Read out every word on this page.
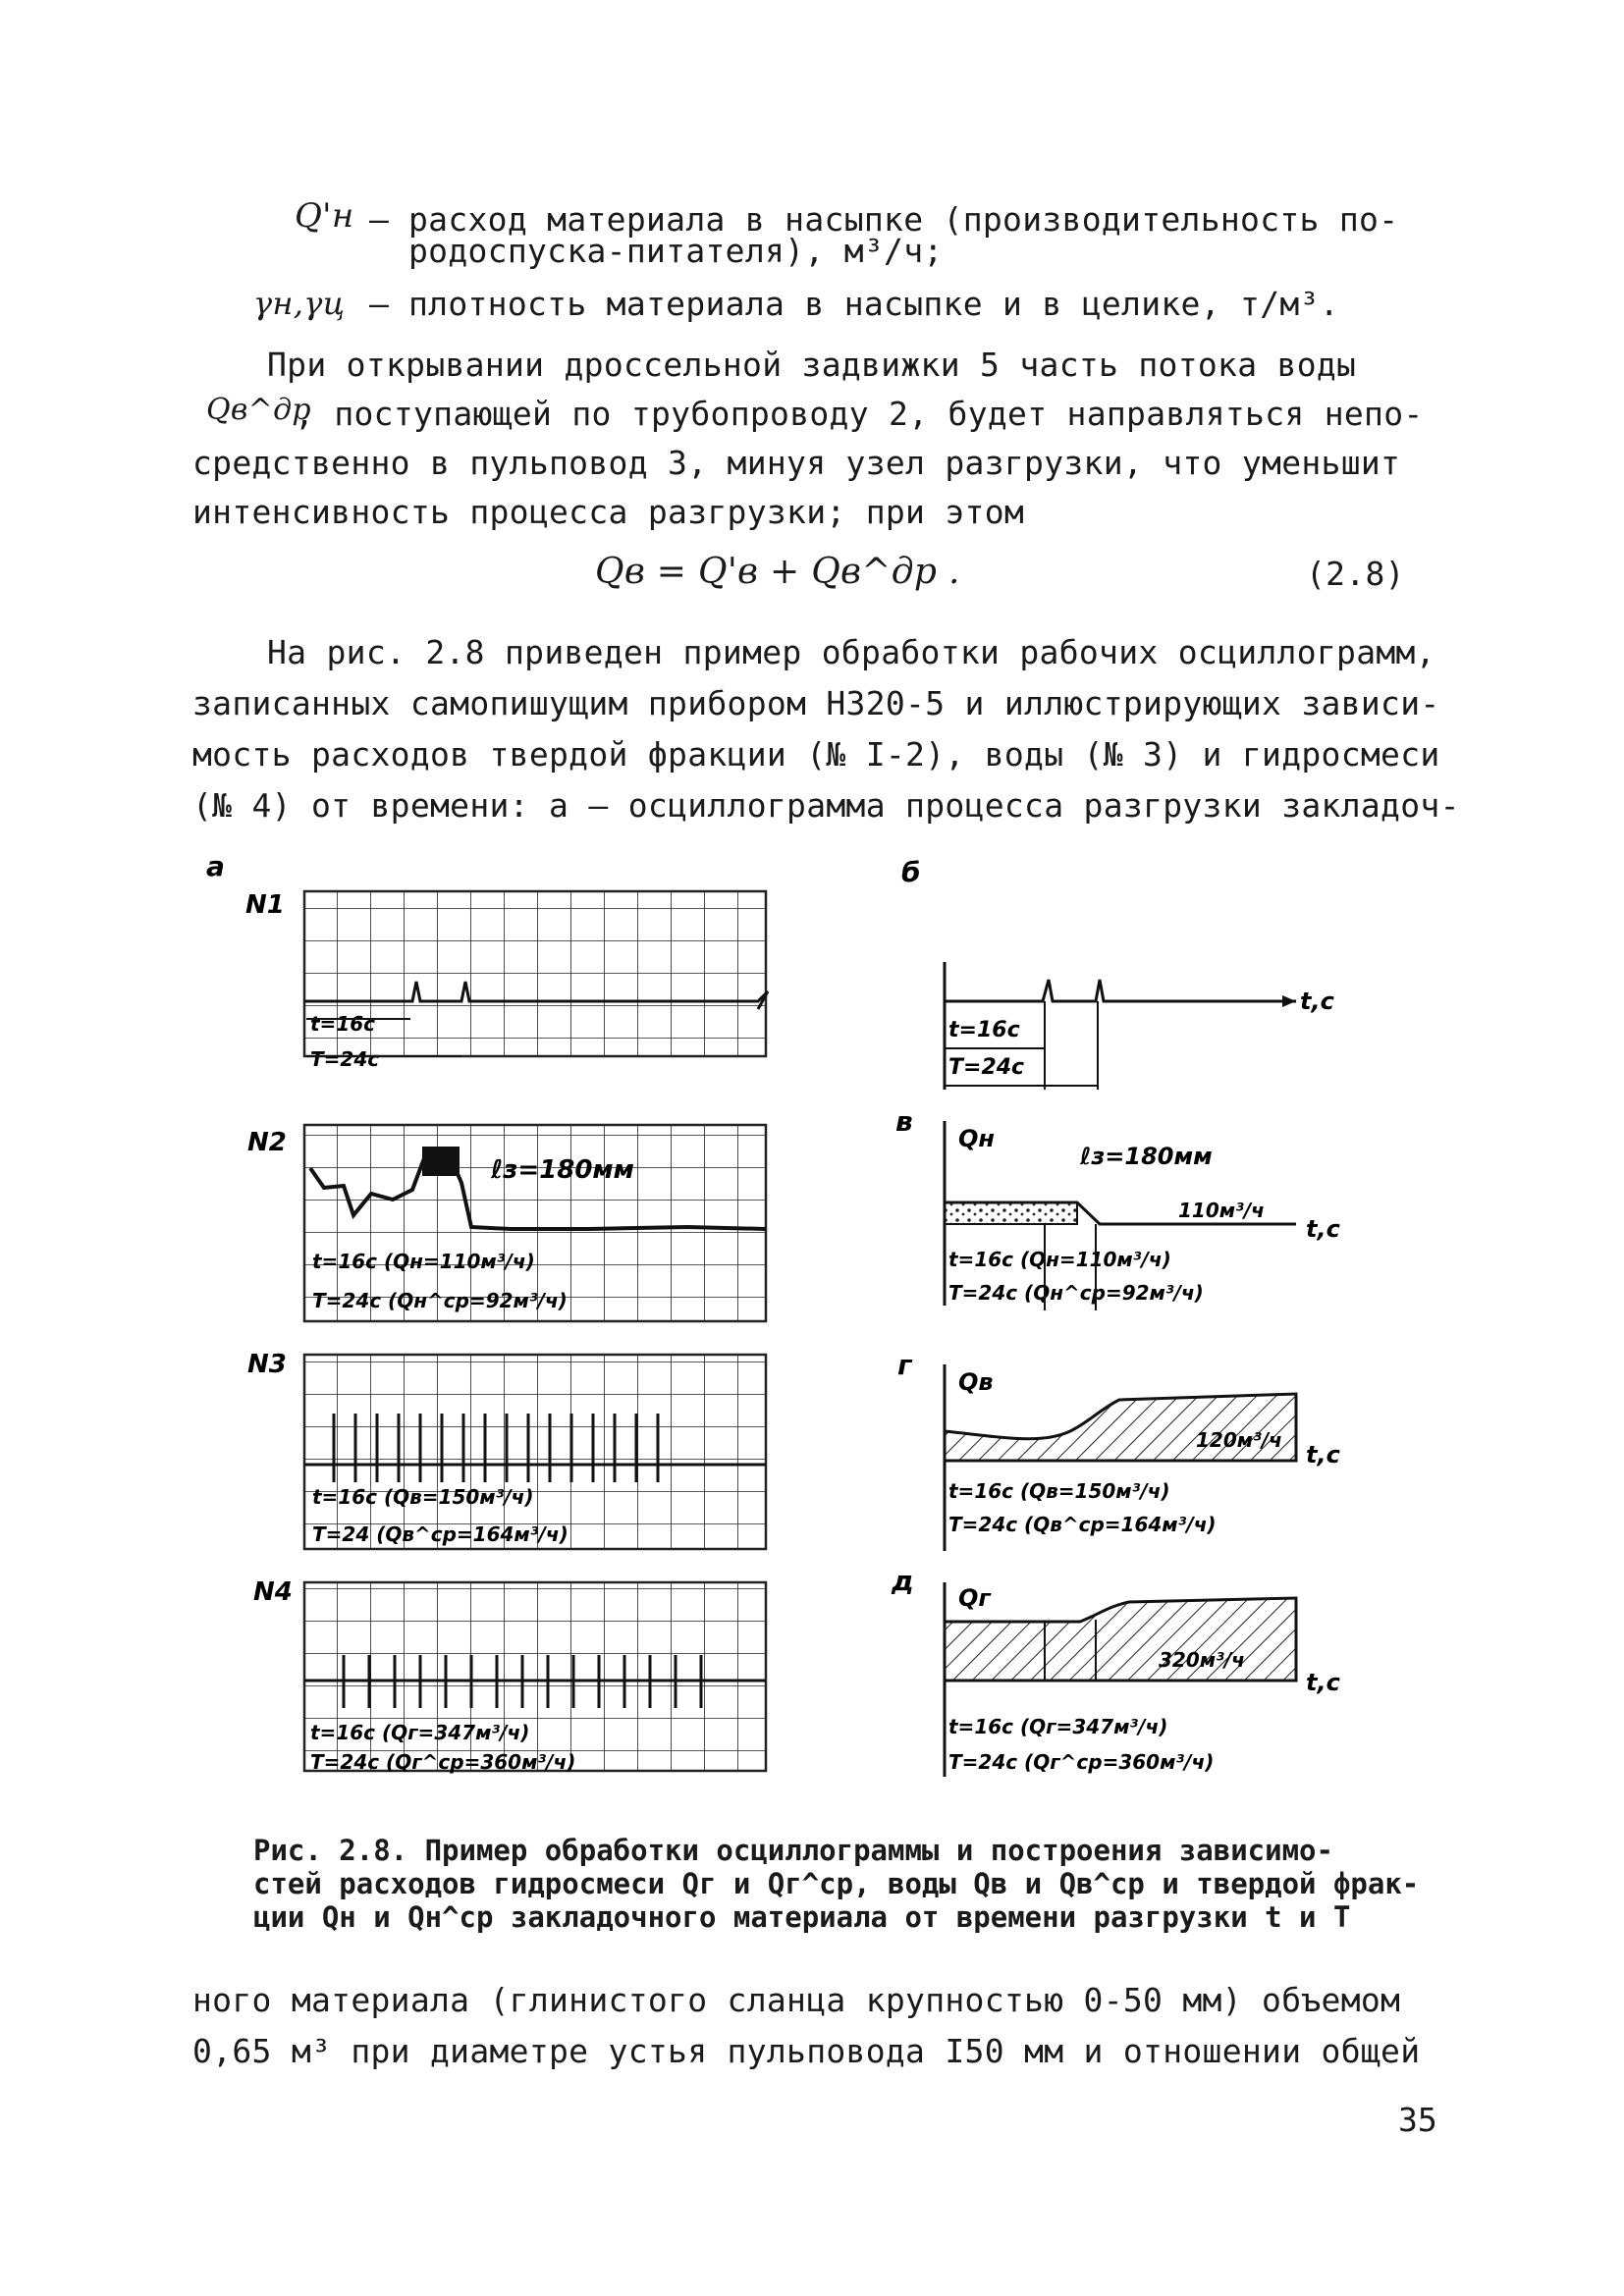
Q'н – расход материала в насыпке (производительность по-
родоспуска-питателя), м³/ч;
γн,γц – плотность материала в насыпке и в целике, т/м³.
При открывании дроссельной задвижки 5 часть потока воды
Qв^др
, поступающей по трубопроводу 2, будет направляться непо-
средственно в пульповод 3, минуя узел разгрузки, что уменьшит
интенсивность процесса разгрузки; при этом
Qв = Q'в + Qв^др .	(2.8)
На рис. 2.8 приведен пример обработки рабочих осциллограмм,
записанных самопишущим прибором Н320-5 и иллюстрирующих зависи-
мость расходов твердой фракции (№ I-2), воды (№ 3) и гидросмеси
(№ 4) от времени: а – осциллограмма процесса разгрузки закладоч-
а	б
в
г
д
N1
N2
N3
N4
t=16c
T=24c
ℓз=180мм
t=16c (Qн=110м³/ч)
T=24c (Qн^ср=92м³/ч)
t=16c (Qв=150м³/ч)
T=24 (Qв^ср=164м³/ч)
t=16c (Qг=347м³/ч)
T=24c (Qг^ср=360м³/ч)
t,c
t=16c
T=24c
Qн
ℓз=180мм
110м³/ч
t,c
t=16c (Qн=110м³/ч)
T=24c (Qн^ср=92м³/ч)
Qв
120м³/ч
t,c
t=16c (Qв=150м³/ч)
T=24c (Qв^ср=164м³/ч)
Qг
320м³/ч
t,c
t=16c (Qг=347м³/ч)
T=24c (Qг^ср=360м³/ч)
Рис. 2.8. Пример обработки осциллограммы и построения зависимо-
стей расходов гидросмеси Qг и Qг^ср, воды Qв и Qв^ср и твердой фрак-
ции Qн и Qн^ср закладочного материала от времени разгрузки t и T
ного материала (глинистого сланца крупностью 0-50 мм) объемом
0,65 м³ при диаметре устья пульповода I50 мм и отношении общей
35
